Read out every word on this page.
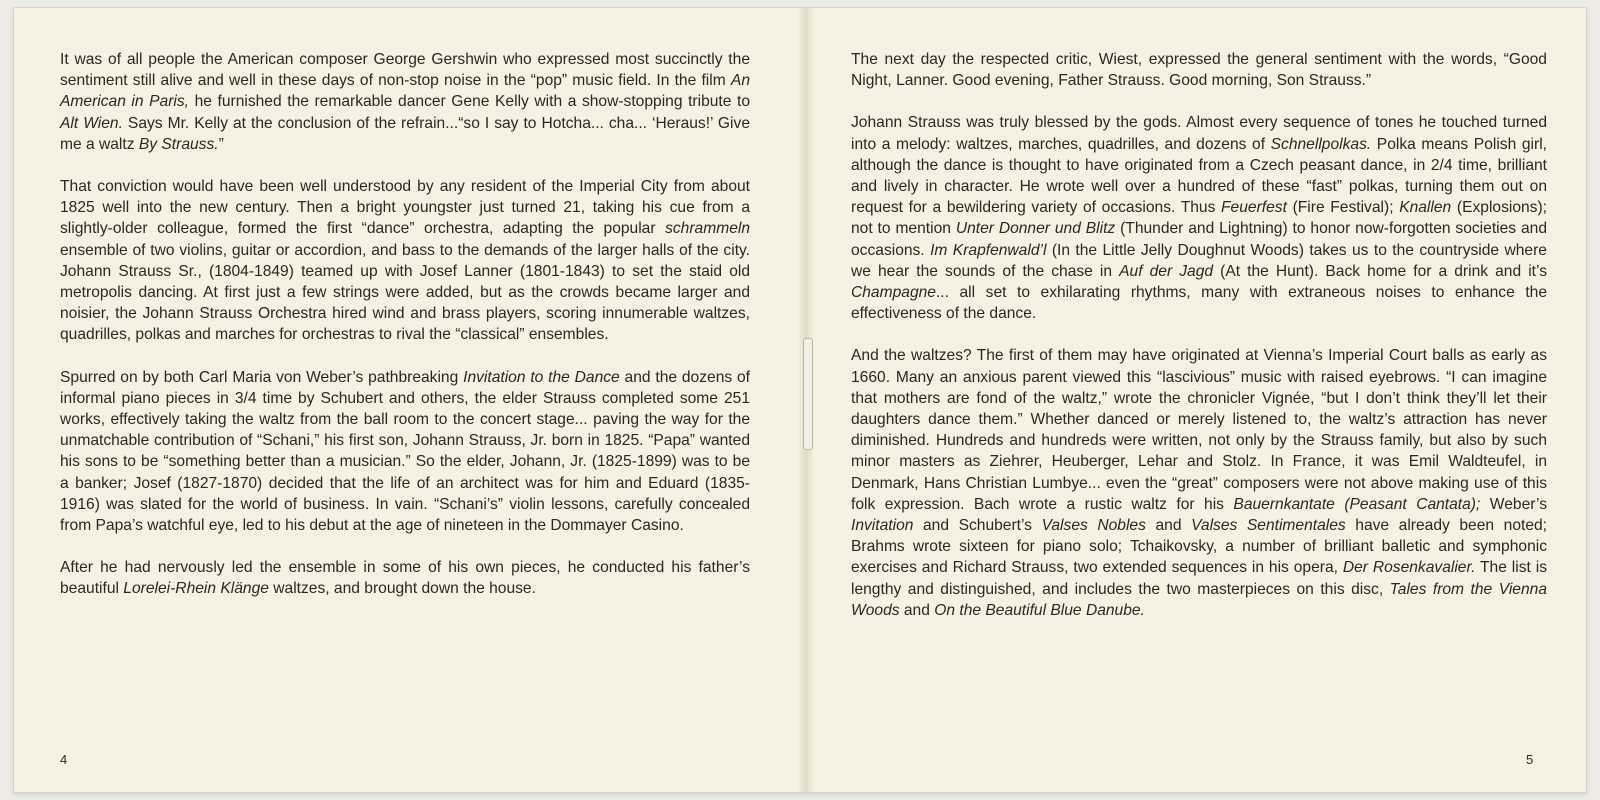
It was of all people the American composer George Gershwin who expressed most succinctly the sentiment still alive and well in these days of non-stop noise in the “pop” music field. In the film An American in Paris, he furnished the remarkable dancer Gene Kelly with a show-stopping tribute to Alt Wien. Says Mr. Kelly at the conclusion of the refrain...“so I say to Hotcha... cha... ‘Heraus!’ Give me a waltz By Strauss.”

That conviction would have been well understood by any resident of the Imperial City from about 1825 well into the new century. Then a bright youngster just turned 21, taking his cue from a slightly-older colleague, formed the first “dance” orchestra, adapting the popular schrammeln ensemble of two violins, guitar or accordion, and bass to the demands of the larger halls of the city. Johann Strauss Sr., (1804-1849) teamed up with Josef Lanner (1801-1843) to set the staid old metropolis dancing. At first just a few strings were added, but as the crowds became larger and noisier, the Johann Strauss Orchestra hired wind and brass players, scoring innumerable waltzes, quadrilles, polkas and marches for orchestras to rival the “classical” ensembles.

Spurred on by both Carl Maria von Weber’s pathbreaking Invitation to the Dance and the dozens of informal piano pieces in 3/4 time by Schubert and others, the elder Strauss completed some 251 works, effectively taking the waltz from the ball room to the concert stage... paving the way for the unmatchable contribution of “Schani,” his first son, Johann Strauss, Jr. born in 1825. “Papa” wanted his sons to be “something better than a musician.” So the elder, Johann, Jr. (1825-1899) was to be a banker; Josef (1827-1870) decided that the life of an architect was for him and Eduard (1835-1916) was slated for the world of business. In vain. “Schani’s” violin lessons, carefully concealed from Papa’s watchful eye, led to his debut at the age of nineteen in the Dommayer Casino.

After he had nervously led the ensemble in some of his own pieces, he conducted his father’s beautiful Lorelei-Rhein Klänge waltzes, and brought down the house.

4

The next day the respected critic, Wiest, expressed the general sentiment with the words, “Good Night, Lanner. Good evening, Father Strauss. Good morning, Son Strauss.”

Johann Strauss was truly blessed by the gods. Almost every sequence of tones he touched turned into a melody: waltzes, marches, quadrilles, and dozens of Schnellpolkas. Polka means Polish girl, although the dance is thought to have originated from a Czech peasant dance, in 2/4 time, brilliant and lively in character. He wrote well over a hundred of these “fast” polkas, turning them out on request for a bewildering variety of occasions. Thus Feuerfest (Fire Festival); Knallen (Explosions); not to mention Unter Donner und Blitz (Thunder and Lightning) to honor now-forgotten societies and occasions. Im Krapfenwald’l (In the Little Jelly Doughnut Woods) takes us to the countryside where we hear the sounds of the chase in Auf der Jagd (At the Hunt). Back home for a drink and it’s Champagne... all set to exhilarating rhythms, many with extraneous noises to enhance the effectiveness of the dance.

And the waltzes? The first of them may have originated at Vienna’s Imperial Court balls as early as 1660. Many an anxious parent viewed this “lascivious” music with raised eyebrows. “I can imagine that mothers are fond of the waltz,” wrote the chronicler Vignée, “but I don’t think they’ll let their daughters dance them.” Whether danced or merely listened to, the waltz’s attraction has never diminished. Hundreds and hundreds were written, not only by the Strauss family, but also by such minor masters as Ziehrer, Heuberger, Lehar and Stolz. In France, it was Emil Waldteufel, in Denmark, Hans Christian Lumbye... even the “great” composers were not above making use of this folk expression. Bach wrote a rustic waltz for his Bauernkantate (Peasant Cantata); Weber’s Invitation and Schubert’s Valses Nobles and Valses Sentimentales have already been noted; Brahms wrote sixteen for piano solo; Tchaikovsky, a number of brilliant balletic and symphonic exercises and Richard Strauss, two extended sequences in his opera, Der Rosenkavalier. The list is lengthy and distinguished, and includes the two masterpieces on this disc, Tales from the Vienna Woods and On the Beautiful Blue Danube.

5
